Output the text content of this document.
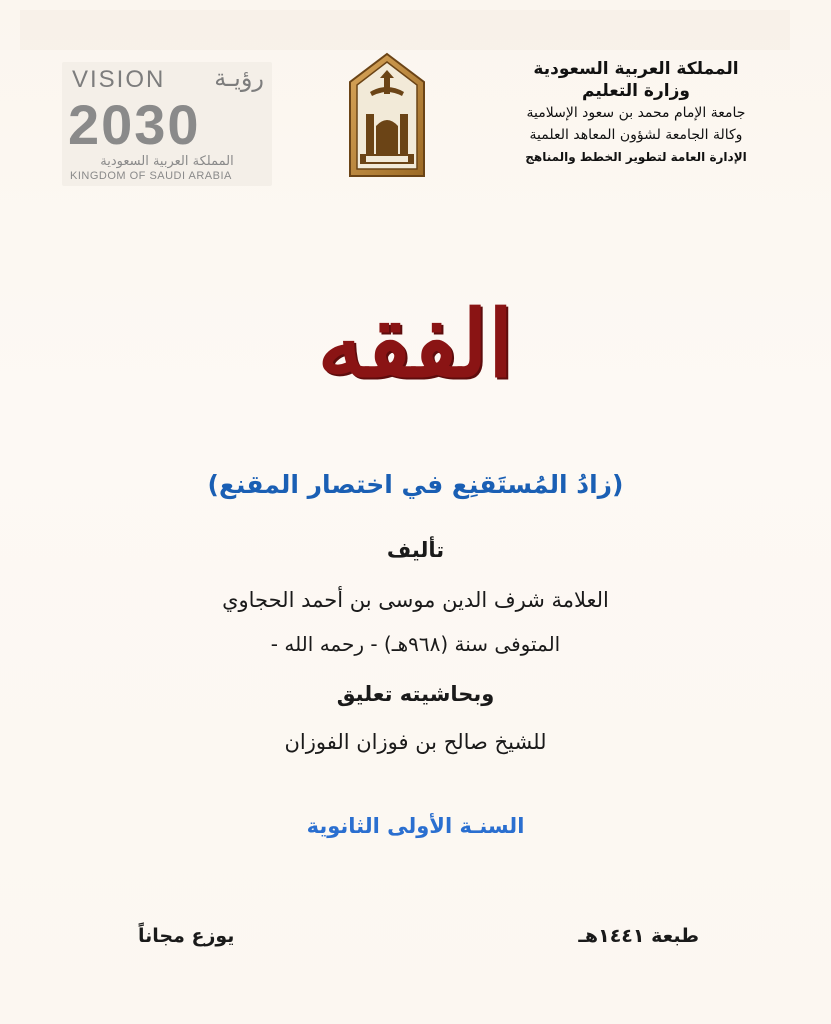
المملكة العربية السعودية
وزارة التعليم
جامعة الإمام محمد بن سعود الإسلامية
وكالة الجامعة لشؤون المعاهد العلمية
الإدارة العامة لتطوير الخطط والمناهج
VISION رؤيـة
2030
المملكة العربية السعودية
KINGDOM OF SAUDI ARABIA
الفقه
(زادُ المُستَقنِع في اختصار المقنع)
تأليف
العلامة شرف الدين موسى بن أحمد الحجاوي
المتوفى سنة (٩٦٨هـ) - رحمه الله -
وبحاشيته تعليق
للشيخ صالح بن فوزان الفوزان
السنـة الأولى الثانوية
طبعة ١٤٤١هـ
يوزع مجاناً
